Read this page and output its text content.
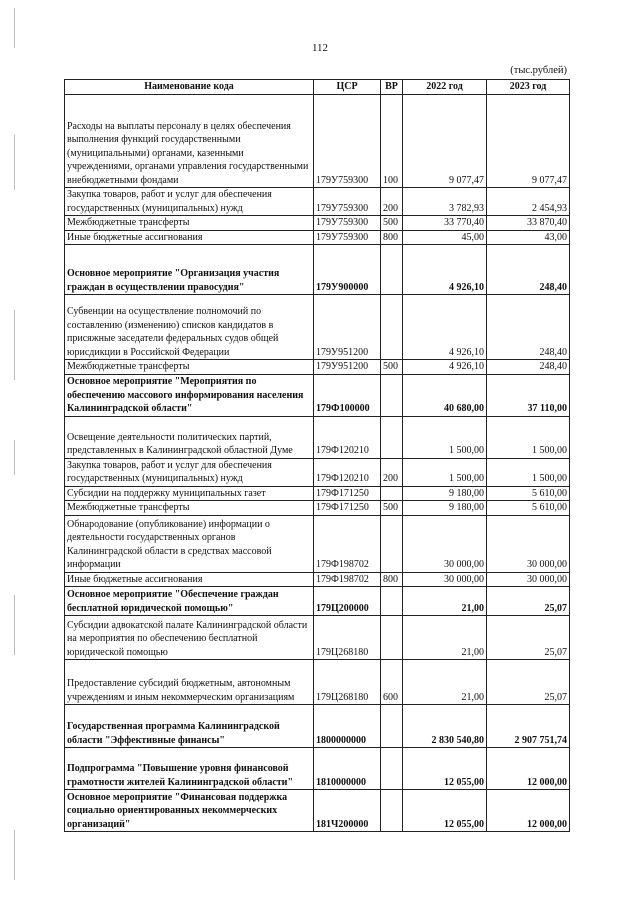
112
(тыс.рублей)
Наименование кода	ЦСР	ВР	2022 год	2023 год
Расходы на выплаты персоналу в целях обеспечения выполнения функций государственными (муниципальными) органами, казенными учреждениями, органами управления государственными внебюджетными фондами	179У759300	100	9 077,47	9 077,47
Закупка товаров, работ и услуг для обеспечения государственных (муниципальных) нужд	179У759300	200	3 782,93	2 454,93
Межбюджетные трансферты	179У759300	500	33 770,40	33 870,40
Иные бюджетные ассигнования	179У759300	800	45,00	43,00
Основное мероприятие "Организация участия граждан в осуществлении правосудия"	179У900000		4 926,10	248,40
Субвенции на осуществление полномочий по составлению (изменению) списков кандидатов в присяжные заседатели федеральных судов общей юрисдикции в Российской Федерации	179У951200		4 926,10	248,40
Межбюджетные трансферты	179У951200	500	4 926,10	248,40
Основное мероприятие "Мероприятия по обеспечению массового информирования населения Калининградской области"	179Ф100000		40 680,00	37 110,00
Освещение деятельности политических партий, представленных в Калининградской областной Думе	179Ф120210		1 500,00	1 500,00
Закупка товаров, работ и услуг для обеспечения государственных (муниципальных) нужд	179Ф120210	200	1 500,00	1 500,00
Субсидии на поддержку муниципальных газет	179Ф171250		9 180,00	5 610,00
Межбюджетные трансферты	179Ф171250	500	9 180,00	5 610,00
Обнародование (опубликование) информации о деятельности государственных органов Калининградской области в средствах массовой информации	179Ф198702		30 000,00	30 000,00
Иные бюджетные ассигнования	179Ф198702	800	30 000,00	30 000,00
Основное мероприятие "Обеспечение граждан бесплатной юридической помощью"	179Ц200000		21,00	25,07
Субсидии адвокатской палате Калининградской области на мероприятия по обеспечению бесплатной юридической помощью	179Ц268180		21,00	25,07
Предоставление субсидий бюджетным, автономным учреждениям и иным некоммерческим организациям	179Ц268180	600	21,00	25,07
Государственная программа Калининградской области "Эффективные финансы"	1800000000		2 830 540,80	2 907 751,74
Подпрограмма "Повышение уровня финансовой грамотности жителей Калининградской области"	1810000000		12 055,00	12 000,00
Основное мероприятие "Финансовая поддержка социально ориентированных некоммерческих организаций"	181Ч200000		12 055,00	12 000,00
